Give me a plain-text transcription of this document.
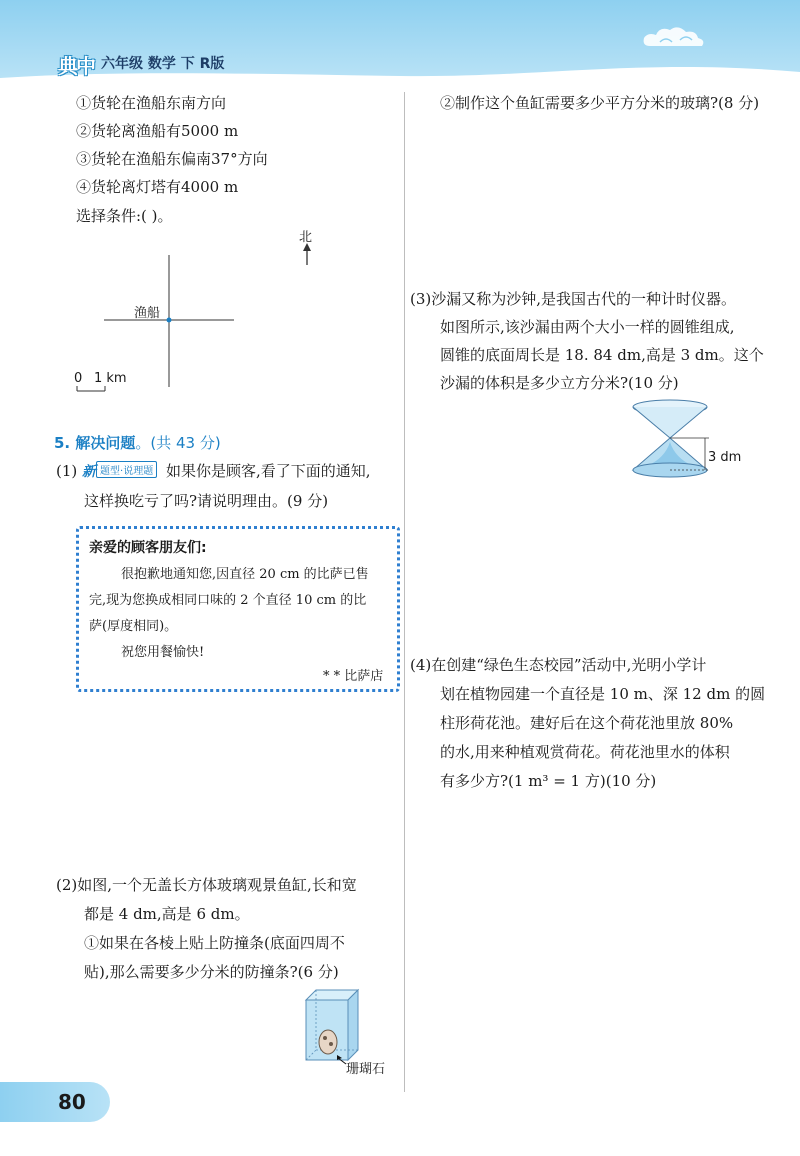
典中 六年级 数学 下 R版
①货轮在渔船东南方向
②货轮离渔船有5000 m
③货轮在渔船东偏南37°方向
④货轮离灯塔有4000 m
选择条件:( )。
北
渔船
0 1 km
5. 解决问题。(共 43 分)
(1) 新 题型·说理题 如果你是顾客,看了下面的通知,
这样换吃亏了吗?请说明理由。(9 分)
亲爱的顾客朋友们:
很抱歉地通知您,因直径 20 cm 的比萨已售
完,现为您换成相同口味的 2 个直径 10 cm 的比
萨(厚度相同)。
祝您用餐愉快!
* * 比萨店
(2)如图,一个无盖长方体玻璃观景鱼缸,长和宽
都是 4 dm,高是 6 dm。
①如果在各棱上贴上防撞条(底面四周不
贴),那么需要多少分米的防撞条?(6 分)
珊瑚石
②制作这个鱼缸需要多少平方分米的玻璃?(8 分)
(3)沙漏又称为沙钟,是我国古代的一种计时仪器。
如图所示,该沙漏由两个大小一样的圆锥组成,
圆锥的底面周长是 18. 84 dm,高是 3 dm。这个
沙漏的体积是多少立方分米?(10 分)
3 dm
(4)在创建“绿色生态校园”活动中,光明小学计
划在植物园建一个直径是 10 m、深 12 dm 的圆
柱形荷花池。建好后在这个荷花池里放 80%
的水,用来种植观赏荷花。荷花池里水的体积
有多少方?(1 m³ = 1 方)(10 分)
80
